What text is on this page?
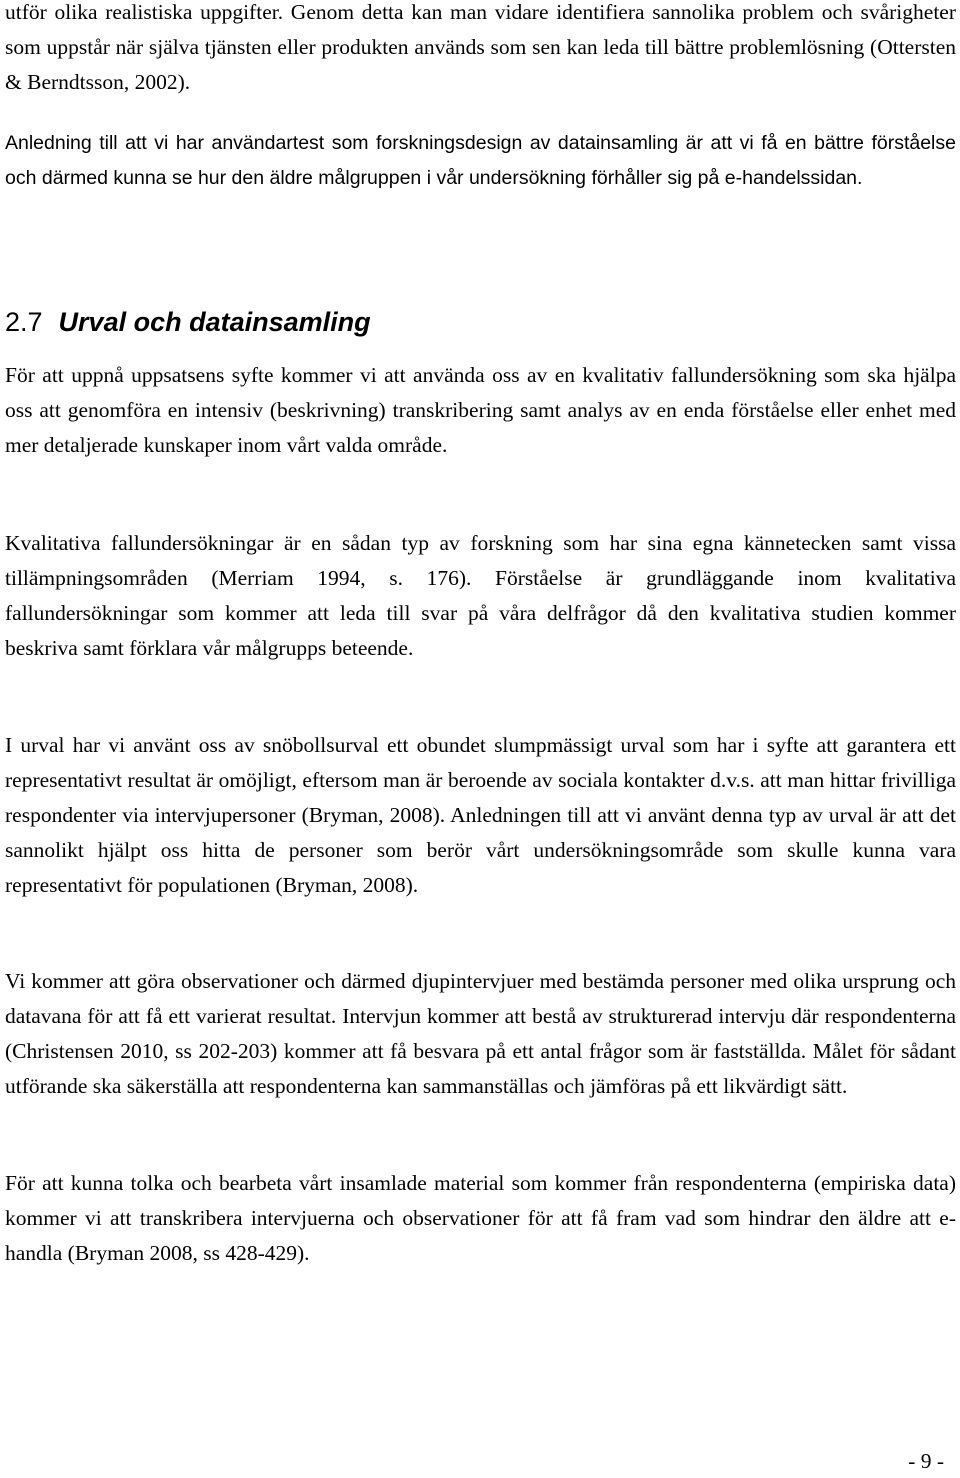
utför olika realistiska uppgifter. Genom detta kan man vidare identifiera sannolika problem och svårigheter som uppstår när själva tjänsten eller produkten används som sen kan leda till bättre problemlösning (Ottersten & Berndtsson, 2002).

Anledning till att vi har användartest som forskningsdesign av datainsamling är att vi få en bättre förståelse och därmed kunna se hur den äldre målgruppen i vår undersökning förhåller sig på e-handelssidan.

2.7 Urval och datainsamling

För att uppnå uppsatsens syfte kommer vi att använda oss av en kvalitativ fallundersökning som ska hjälpa oss att genomföra en intensiv (beskrivning) transkribering samt analys av en enda förståelse eller enhet med mer detaljerade kunskaper inom vårt valda område.

Kvalitativa fallundersökningar är en sådan typ av forskning som har sina egna kännetecken samt vissa tillämpningsområden (Merriam 1994, s. 176). Förståelse är grundläggande inom kvalitativa fallundersökningar som kommer att leda till svar på våra delfrågor då den kvalitativa studien kommer beskriva samt förklara vår målgrupps beteende.

I urval har vi använt oss av snöbollsurval ett obundet slumpmässigt urval som har i syfte att garantera ett representativt resultat är omöjligt, eftersom man är beroende av sociala kontakter d.v.s. att man hittar frivilliga respondenter via intervjupersoner (Bryman, 2008). Anledningen till att vi använt denna typ av urval är att det sannolikt hjälpt oss hitta de personer som berör vårt undersökningsområde som skulle kunna vara representativt för populationen (Bryman, 2008).

Vi kommer att göra observationer och därmed djupintervjuer med bestämda personer med olika ursprung och datavana för att få ett varierat resultat. Intervjun kommer att bestå av strukturerad intervju där respondenterna (Christensen 2010, ss 202-203) kommer att få besvara på ett antal frågor som är fastställda. Målet för sådant utförande ska säkerställa att respondenterna kan sammanställas och jämföras på ett likvärdigt sätt.

För att kunna tolka och bearbeta vårt insamlade material som kommer från respondenterna (empiriska data) kommer vi att transkribera intervjuerna och observationer för att få fram vad som hindrar den äldre att e-handla (Bryman 2008, ss 428-429).

- 9 -
